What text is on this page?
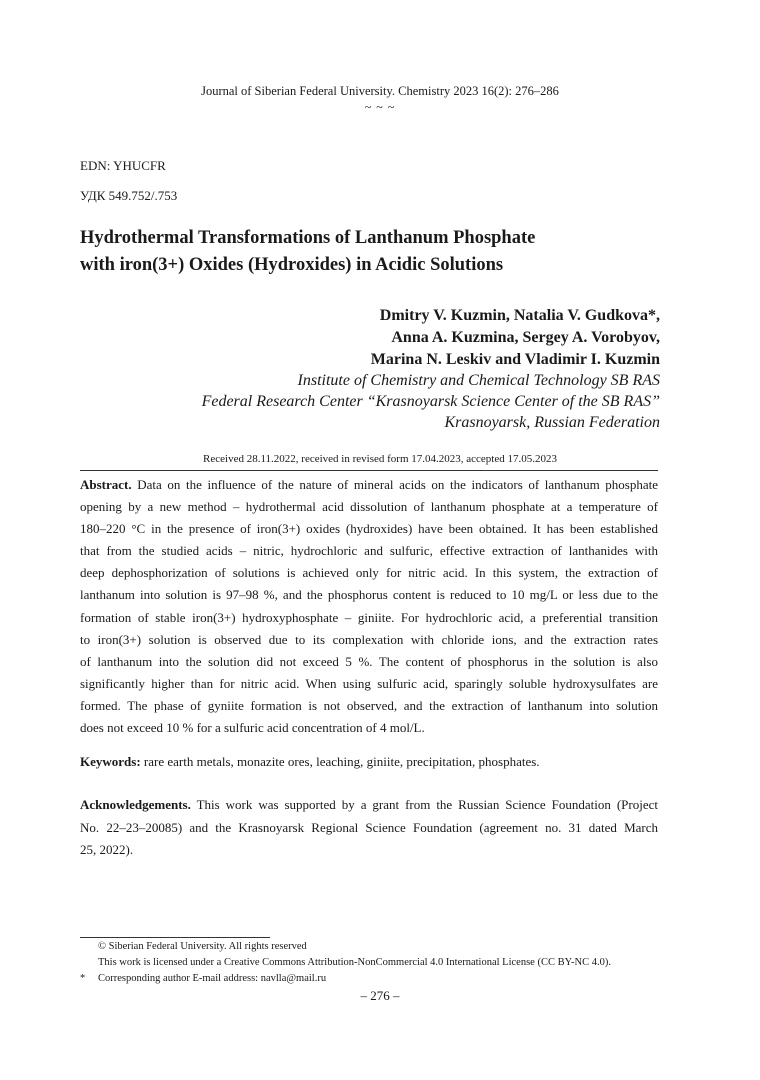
Journal of Siberian Federal University. Chemistry 2023 16(2): 276–286
~ ~ ~
EDN: YHUCFR
УДК 549.752/.753
Hydrothermal Transformations of Lanthanum Phosphate
with iron(3+) Oxides (Hydroxides) in Acidic Solutions
Dmitry V. Kuzmin, Natalia V. Gudkova*,
Anna A. Kuzmina, Sergey A. Vorobyov,
Marina N. Leskiv and Vladimir I. Kuzmin
Institute of Chemistry and Chemical Technology SB RAS
Federal Research Center “Krasnoyarsk Science Center of the SB RAS”
Krasnoyarsk, Russian Federation
Received 28.11.2022, received in revised form 17.04.2023, accepted 17.05.2023
Abstract. Data on the influence of the nature of mineral acids on the indicators of lanthanum phosphate
opening by a new method – hydrothermal acid dissolution of lanthanum phosphate at a temperature of
180–220 °C in the presence of iron(3+) oxides (hydroxides) have been obtained. It has been established
that from the studied acids – nitric, hydrochloric and sulfuric, effective extraction of lanthanides with
deep dephosphorization of solutions is achieved only for nitric acid. In this system, the extraction of
lanthanum into solution is 97–98 %, and the phosphorus content is reduced to 10 mg/L or less due to the
formation of stable iron(3+) hydroxyphosphate – giniite. For hydrochloric acid, a preferential transition
to iron(3+) solution is observed due to its complexation with chloride ions, and the extraction rates
of lanthanum into the solution did not exceed 5 %. The content of phosphorus in the solution is also
significantly higher than for nitric acid. When using sulfuric acid, sparingly soluble hydroxysulfates are
formed. The phase of gyniite formation is not observed, and the extraction of lanthanum into solution
does not exceed 10 % for a sulfuric acid concentration of 4 mol/L.
Keywords: rare earth metals, monazite ores, leaching, giniite, precipitation, phosphates.
Acknowledgements. This work was supported by a grant from the Russian Science Foundation (Project
No. 22–23–20085) and the Krasnoyarsk Regional Science Foundation (agreement no. 31 dated March
25, 2022).
© Siberian Federal University. All rights reserved
This work is licensed under a Creative Commons Attribution-NonCommercial 4.0 International License (CC BY-NC 4.0).
* Corresponding author E-mail address: navlla@mail.ru
– 276 –
